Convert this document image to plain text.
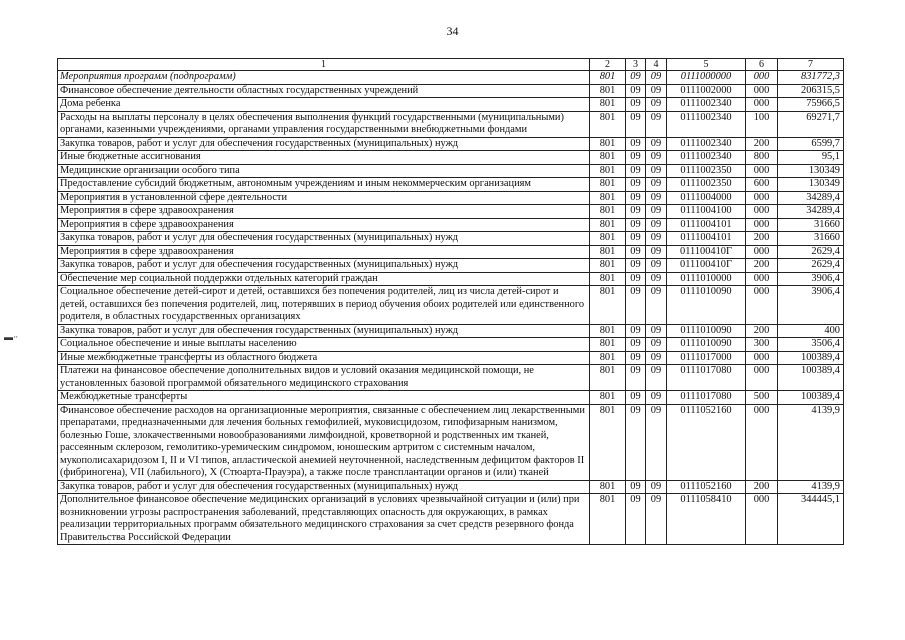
34
▬ ··
1	2	3	4	5	6	7
Мероприятия программ (подпрограмм)	801	09	09	0111000000	000	831772,3
Финансовое обеспечение деятельности областных государственных учреждений	801	09	09	0111002000	000	206315,5
Дома ребенка	801	09	09	0111002340	000	75966,5
Расходы на выплаты персоналу в целях обеспечения выполнения функций государственными (муниципальными) органами, казенными учреждениями, органами управления государственными внебюджетными фондами	801	09	09	0111002340	100	69271,7
Закупка товаров, работ и услуг для обеспечения государственных (муниципальных) нужд	801	09	09	0111002340	200	6599,7
Иные бюджетные ассигнования	801	09	09	0111002340	800	95,1
Медицинские организации особого типа	801	09	09	0111002350	000	130349
Предоставление субсидий бюджетным, автономным учреждениям и иным некоммерческим организациям	801	09	09	0111002350	600	130349
Мероприятия в установленной сфере деятельности	801	09	09	0111004000	000	34289,4
Мероприятия в сфере здравоохранения	801	09	09	0111004100	000	34289,4
Мероприятия в сфере здравоохранения	801	09	09	0111004101	000	31660
Закупка товаров, работ и услуг для обеспечения государственных (муниципальных) нужд	801	09	09	0111004101	200	31660
Мероприятия в сфере здравоохранения	801	09	09	011100410Г	000	2629,4
Закупка товаров, работ и услуг для обеспечения государственных (муниципальных) нужд	801	09	09	011100410Г	200	2629,4
Обеспечение мер социальной поддержки отдельных категорий граждан	801	09	09	0111010000	000	3906,4
Социальное обеспечение детей-сирот и детей, оставшихся без попечения родителей, лиц из числа детей-сирот и детей, оставшихся без попечения родителей, лиц, потерявших в период обучения обоих родителей или единственного родителя, в областных государственных организациях	801	09	09	0111010090	000	3906,4
Закупка товаров, работ и услуг для обеспечения государственных (муниципальных) нужд	801	09	09	0111010090	200	400
Социальное обеспечение и иные выплаты населению	801	09	09	0111010090	300	3506,4
Иные межбюджетные трансферты из областного бюджета	801	09	09	0111017000	000	100389,4
Платежи на финансовое обеспечение дополнительных видов и условий оказания медицинской помощи, не установленных базовой программой обязательного медицинского страхования	801	09	09	0111017080	000	100389,4
Межбюджетные трансферты	801	09	09	0111017080	500	100389,4
Финансовое обеспечение расходов на организационные мероприятия, связанные с обеспечением лиц лекарственными препаратами, предназначенными для лечения больных гемофилией, муковисцидозом, гипофизарным нанизмом, болезнью Гоше, злокачественными новообразованиями лимфоидной, кроветворной и родственных им тканей, рассеянным склерозом, гемолитико-уремическим синдромом, юношеским артритом с системным началом, мукополисахаридозом I, II и VI типов, апластической анемией неуточненной, наследственным дефицитом факторов II (фибриногена), VII (лабильного), X (Стюарта-Прауэра), а также после трансплантации органов и (или) тканей	801	09	09	0111052160	000	4139,9
Закупка товаров, работ и услуг для обеспечения государственных (муниципальных) нужд	801	09	09	0111052160	200	4139,9
Дополнительное финансовое обеспечение медицинских организаций в условиях чрезвычайной ситуации и (или) при возникновении угрозы распространения заболеваний, представляющих опасность для окружающих, в рамках реализации территориальных программ обязательного медицинского страхования за счет средств резервного фонда Правительства Российской Федерации	801	09	09	0111058410	000	344445,1
